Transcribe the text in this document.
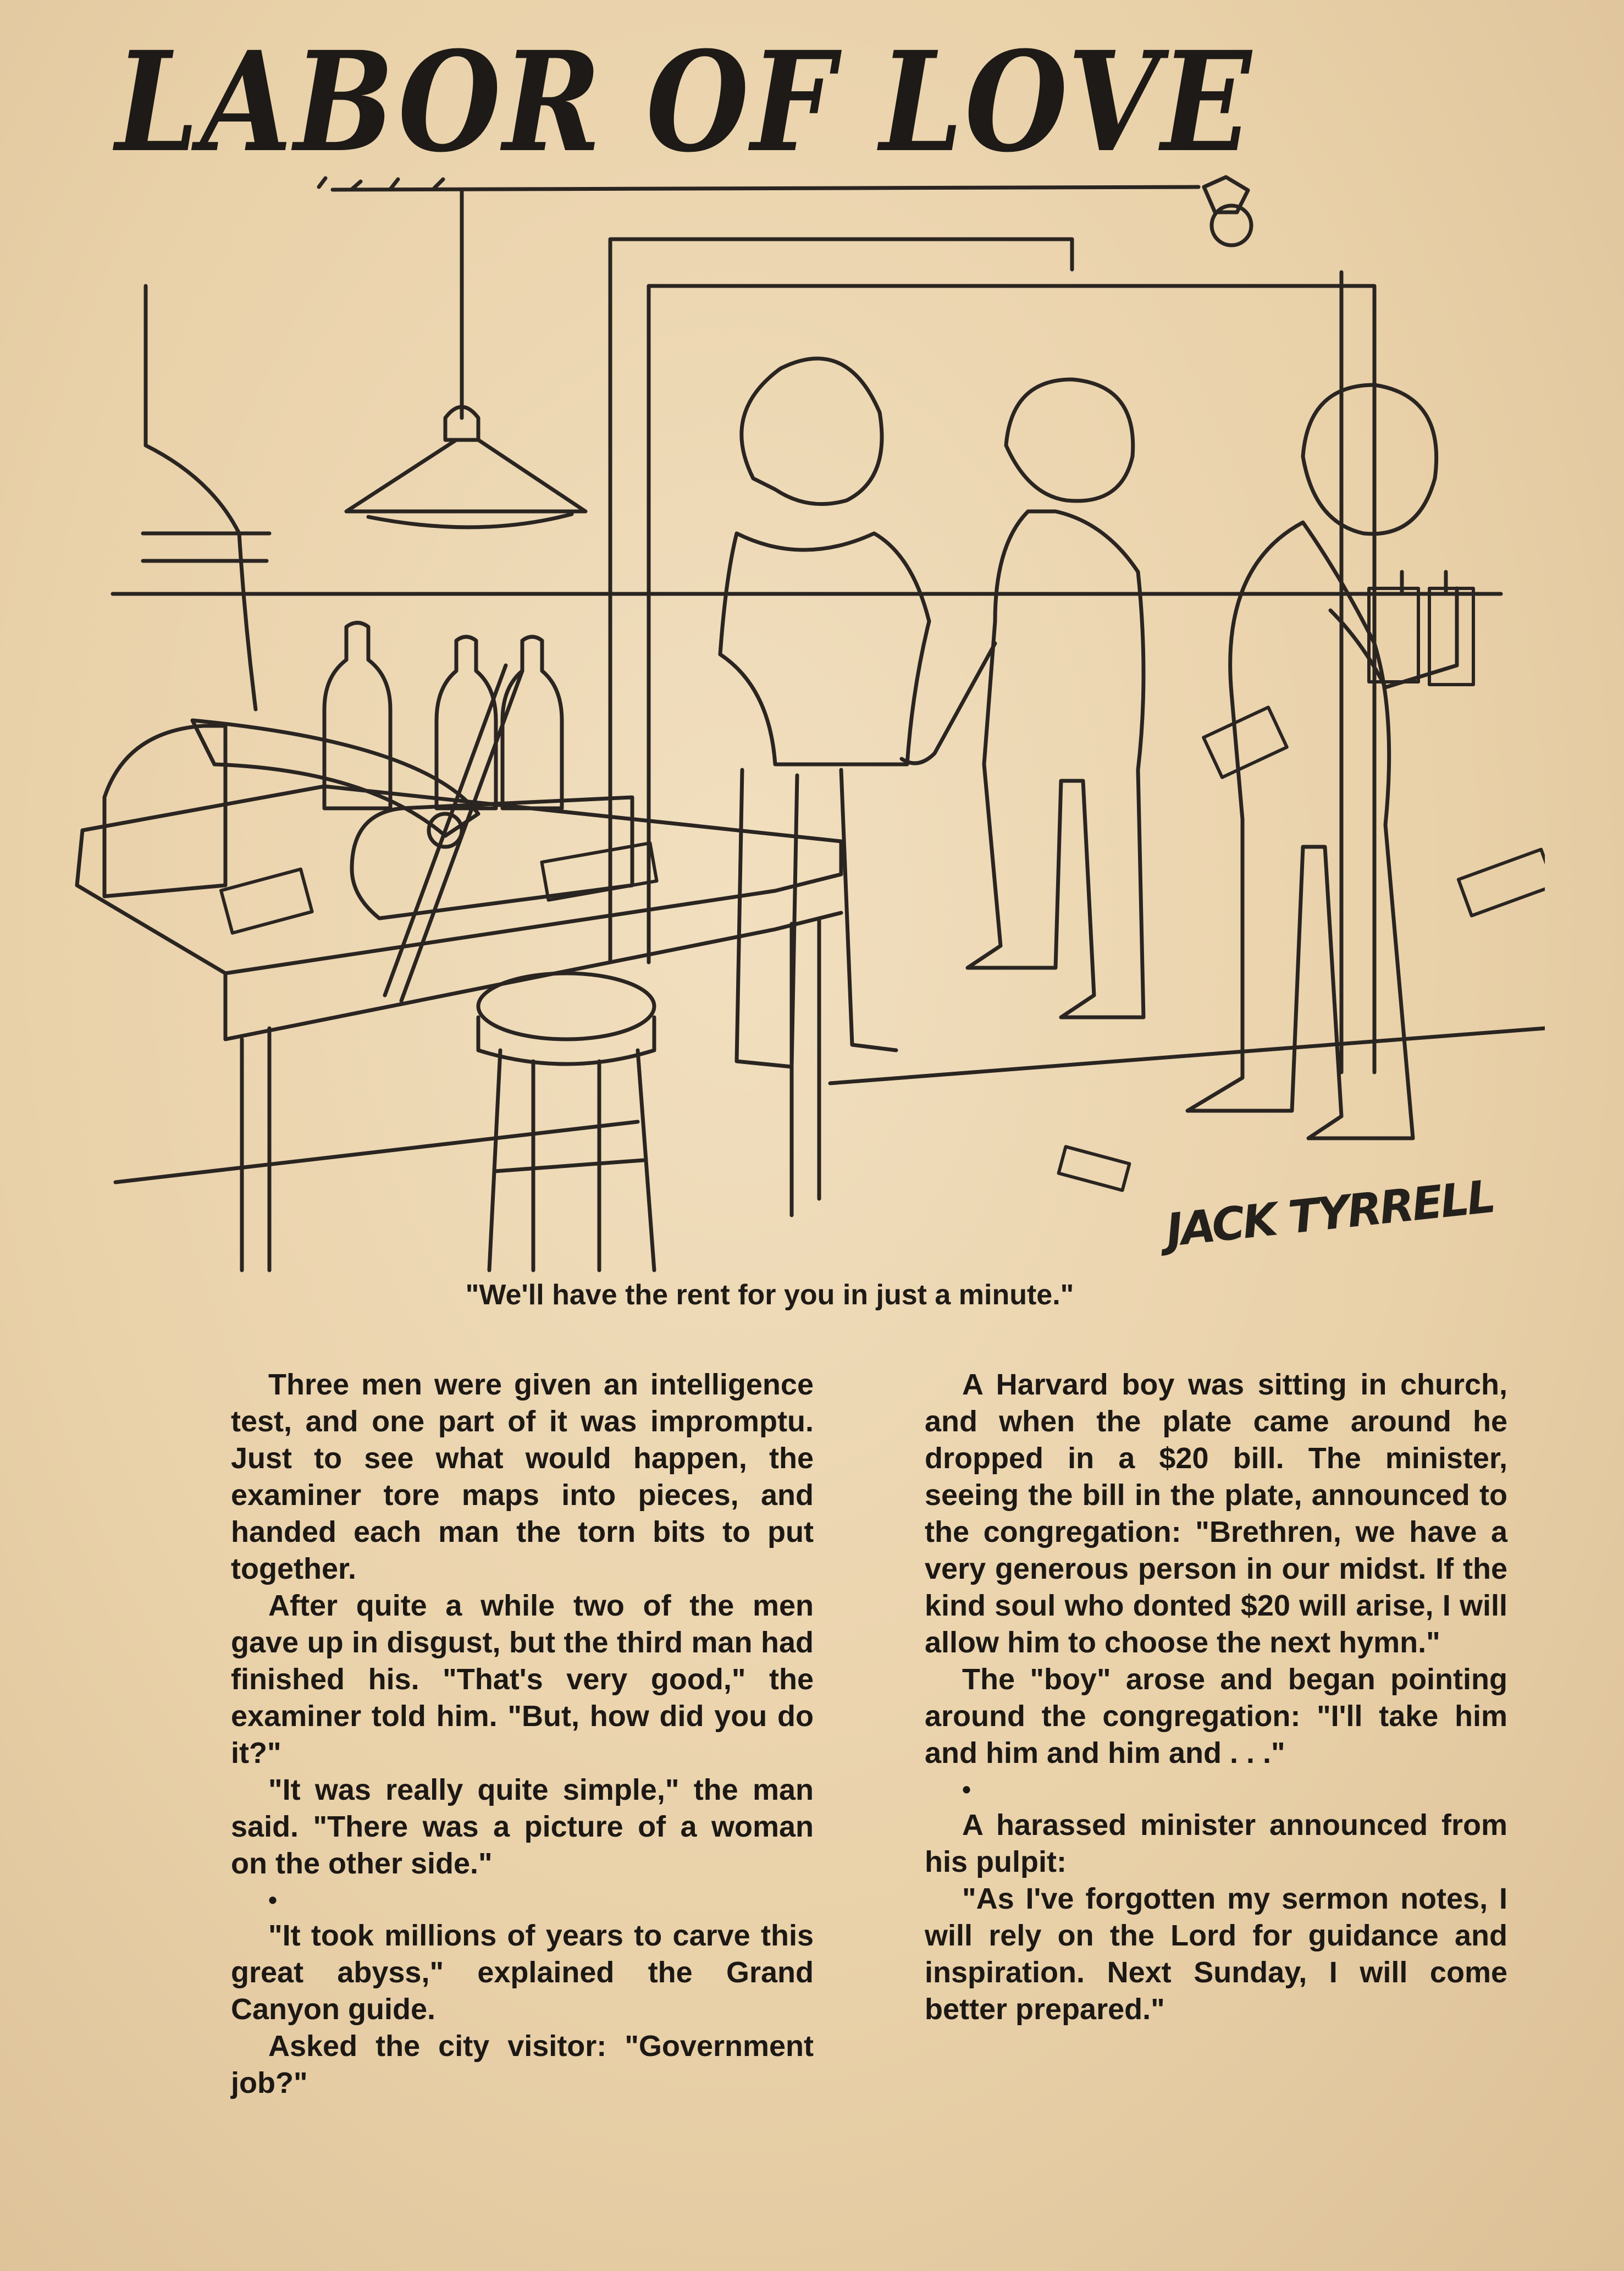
LABOR OF LOVE

JACK TYRRELL

"We'll have the rent for you in just a minute."

Three men were given an intelligence test, and one part of it was impromptu. Just to see what would happen, the examiner tore maps into pieces, and handed each man the torn bits to put together.

After quite a while two of the men gave up in disgust, but the third man had finished his. "That's very good," the examiner told him. "But, how did you do it?"

"It was really quite simple," the man said. "There was a picture of a woman on the other side."

•

"It took millions of years to carve this great abyss," explained the Grand Canyon guide.

Asked the city visitor: "Government job?"

A Harvard boy was sitting in church, and when the plate came around he dropped in a $20 bill. The minister, seeing the bill in the plate, announced to the congregation: "Brethren, we have a very generous person in our midst. If the kind soul who donted $20 will arise, I will allow him to choose the next hymn."

The "boy" arose and began pointing around the congregation: "I'll take him and him and him and . . ."

•

A harassed minister announced from his pulpit:

"As I've forgotten my sermon notes, I will rely on the Lord for guidance and inspiration. Next Sunday, I will come better prepared."
